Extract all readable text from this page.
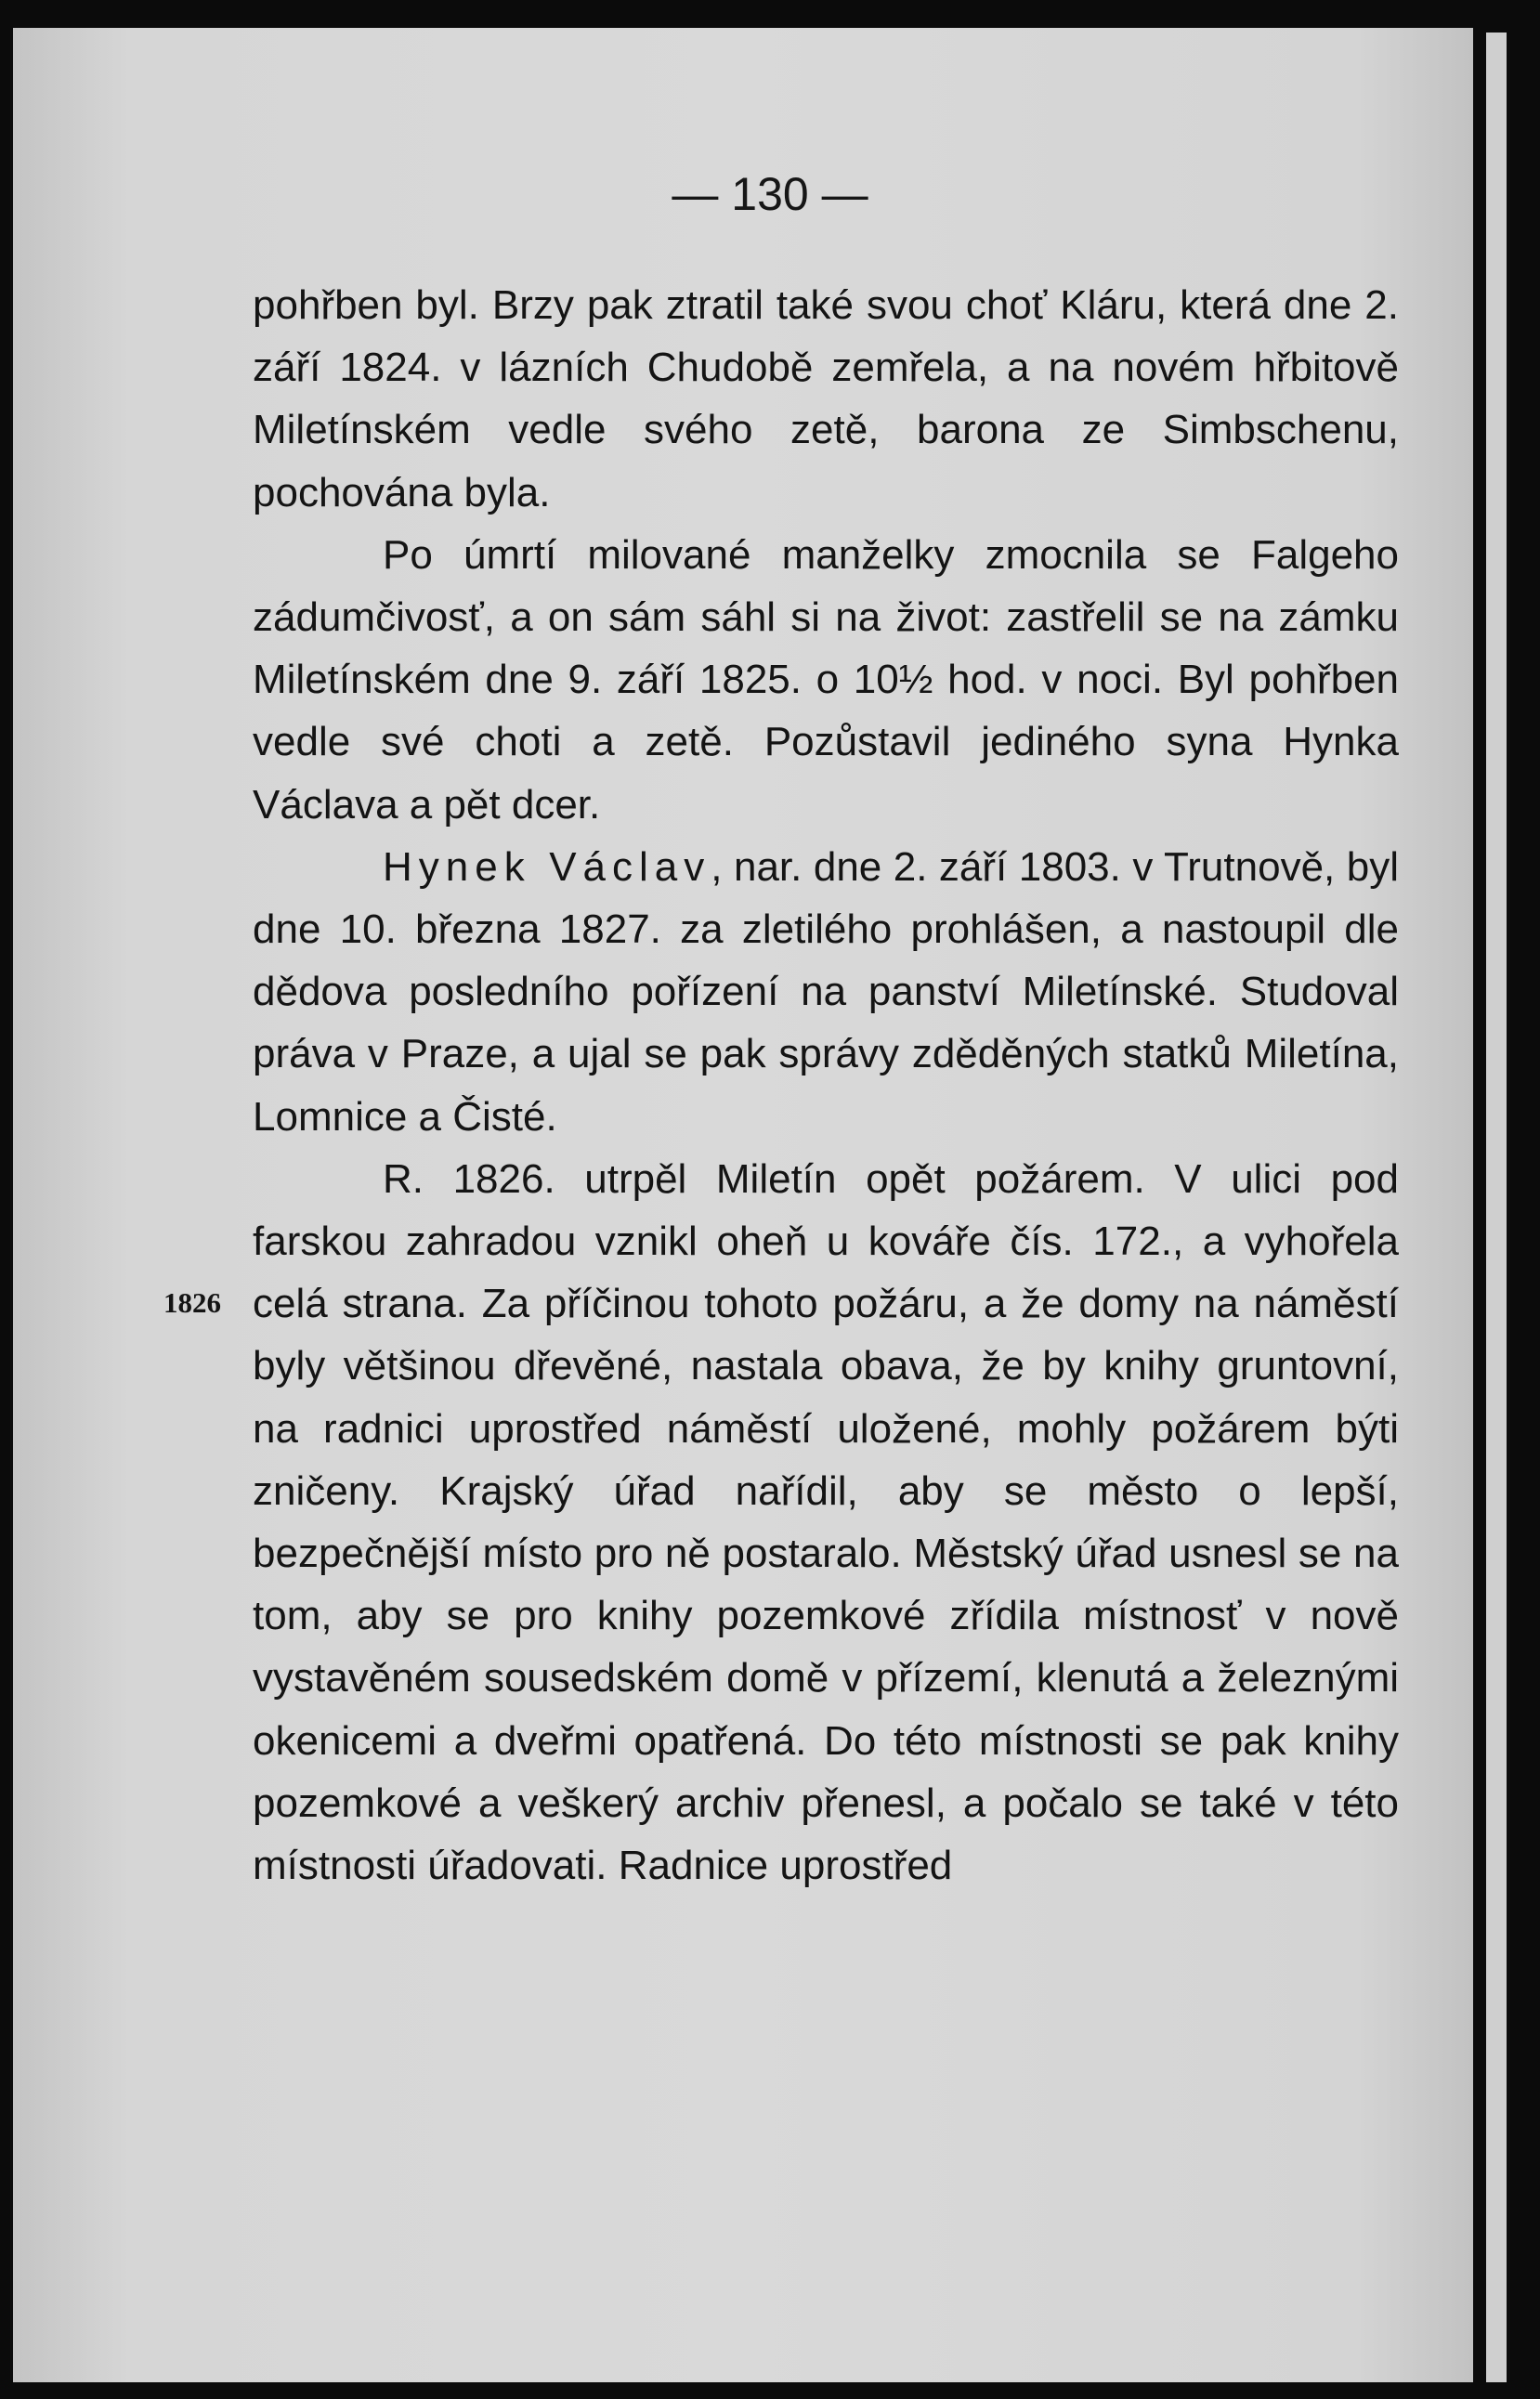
— 130 —
1826

pohřben byl. Brzy pak ztratil také svou choť Kláru, která dne 2. září 1824. v lázních Chudobě zemřela, a na novém hřbitově Miletínském vedle svého zetě, barona ze Simbschenu, pochována byla.

Po úmrtí milované manželky zmocnila se Falgeho zádumčivosť, a on sám sáhl si na život: zastřelil se na zámku Miletínském dne 9. září 1825. o 10½ hod. v noci. Byl pohřben vedle své choti a zetě. Pozůstavil jediného syna Hynka Václava a pět dcer.

Hynek Václav, nar. dne 2. září 1803. v Trutnově, byl dne 10. března 1827. za zletilého prohlášen, a nastoupil dle dědova posledního pořízení na panství Miletínské. Studoval práva v Praze, a ujal se pak správy zděděných statků Miletína, Lomnice a Čisté.

R. 1826. utrpěl Miletín opět požárem. V ulici pod farskou zahradou vznikl oheň u kováře čís. 172., a vyhořela celá strana. Za příčinou tohoto požáru, a že domy na náměstí byly většinou dřevěné, nastala obava, že by knihy gruntovní, na radnici uprostřed náměstí uložené, mohly požárem býti zničeny. Krajský úřad nařídil, aby se město o lepší, bezpečnější místo pro ně postaralo. Městský úřad usnesl se na tom, aby se pro knihy pozemkové zřídila místnosť v nově vystavěném sousedském domě v přízemí, klenutá a železnými okenicemi a dveřmi opatřená. Do této místnosti se pak knihy pozemkové a veškerý archiv přenesl, a počalo se také v této místnosti úřadovati. Radnice uprostřed
